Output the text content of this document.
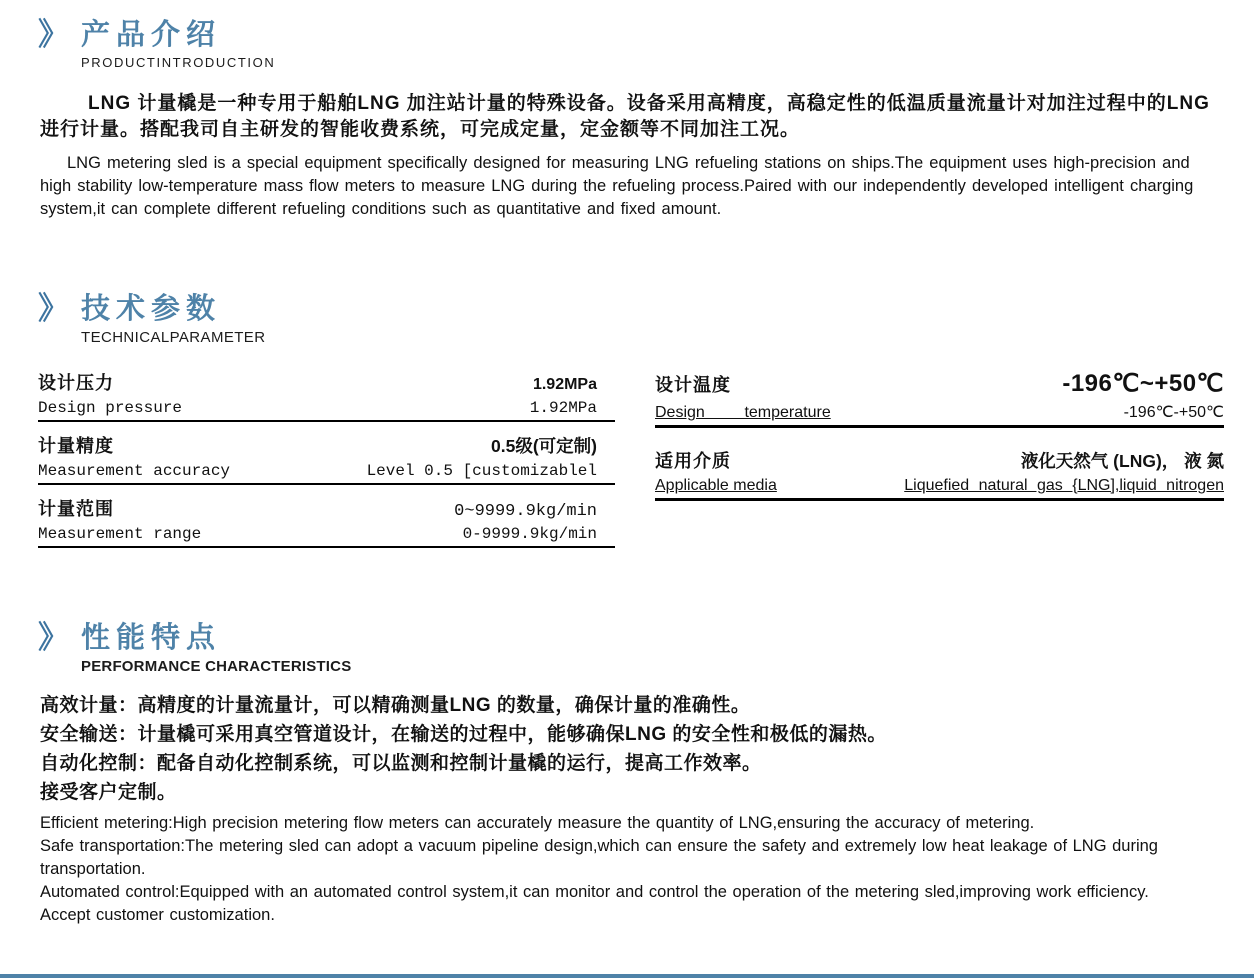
》 产品介绍
PRODUCTINTRODUCTION

LNG 计量橇是一种专用于船舶LNG 加注站计量的特殊设备。设备采用高精度，高稳定性的低温质量流量计对加注过程中的LNG 进行计量。搭配我司自主研发的智能收费系统，可完成定量，定金额等不同加注工况。

LNG metering sled is a special equipment specifically designed for measuring LNG refueling stations on ships.The equipment uses high-precision and high stability low-temperature mass flow meters to measure LNG during the refueling process.Paired with our independently developed intelligent charging system,it can complete different refueling conditions such as quantitative and fixed amount.

》 技术参数
TECHNICALPARAMETER
设计压力	1.92MPa
Design pressure	1.92MPa
计量精度	0.5级(可定制)
Measurement accuracy	Level 0.5 [customizablel
计量范围	0~9999.9kg/min
Measurement range	0-9999.9kg/min
设计温度	-196℃~+50℃
Design temperature	-196℃-+50℃
适用介质	液化天然气 (LNG)， 液 氮
Applicable media	Liquefied natural gas {LNG],liquid nitrogen
》 性能特点
PERFORMANCE CHARACTERISTICS

高效计量：高精度的计量流量计，可以精确测量LNG 的数量，确保计量的准确性。

安全输送：计量橇可采用真空管道设计，在输送的过程中，能够确保LNG 的安全性和极低的漏热。

自动化控制：配备自动化控制系统，可以监测和控制计量橇的运行，提高工作效率。

接受客户定制。

Efficient metering:High precision metering flow meters can accurately measure the quantity of LNG,ensuring the accuracy of metering.

Safe transportation:The metering sled can adopt a vacuum pipeline design,which can ensure the safety and extremely low heat leakage of LNG during transportation.

Automated control:Equipped with an automated control system,it can monitor and control the operation of the metering sled,improving work efficiency.

Accept customer customization.
